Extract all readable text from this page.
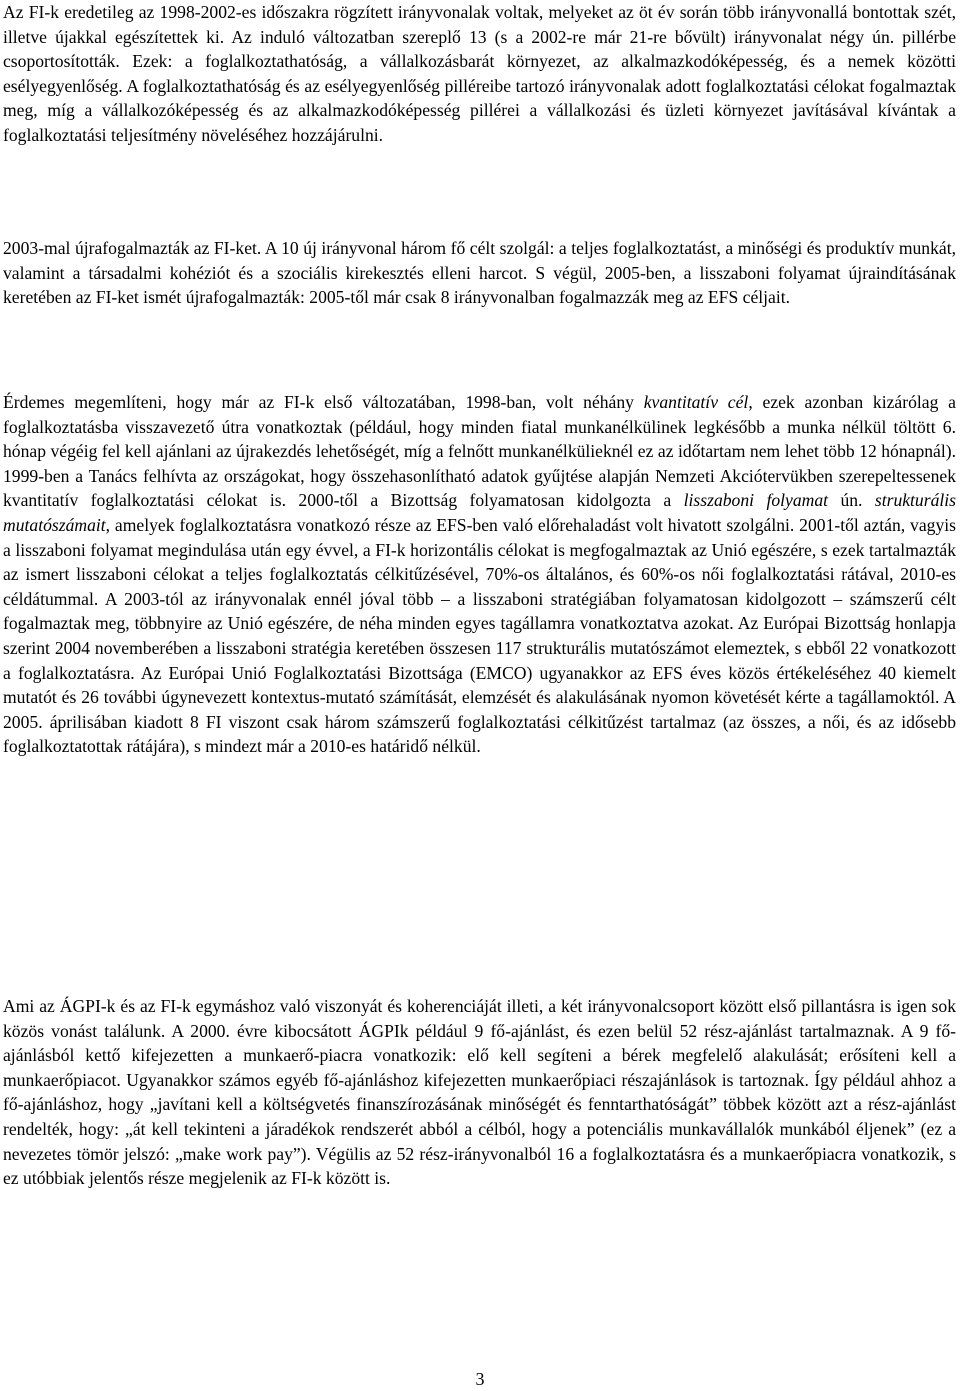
Az FI-k eredetileg az 1998-2002-es időszakra rögzített irányvonalak voltak, melyeket az öt év során több irányvonallá bontottak szét, illetve újakkal egészítettek ki. Az induló változatban szereplő 13 (s a 2002-re már 21-re bővült) irányvonalat négy ún. pillérbe csoportosították. Ezek: a foglalkoztathatóság, a vállalkozásbarát környezet, az alkalmazkodóképesség, és a nemek közötti esélyegyenlőség. A foglalkoztathatóság és az esélyegyenlőség pilléreibe tartozó irányvonalak adott foglalkoztatási célokat fogalmaztak meg, míg a vállalkozóképesség és az alkalmazkodóképesség pillérei a vállalkozási és üzleti környezet javításával kívántak a foglalkoztatási teljesítmény növeléséhez hozzájárulni.

2003-mal újrafogalmazták az FI-ket. A 10 új irányvonal három fő célt szolgál: a teljes foglalkoztatást, a minőségi és produktív munkát, valamint a társadalmi kohéziót és a szociális kirekesztés elleni harcot. S végül, 2005-ben, a lisszaboni folyamat újraindításának keretében az FI-ket ismét újrafogalmazták: 2005-től már csak 8 irányvonalban fogalmazzák meg az EFS céljait.

Érdemes megemlíteni, hogy már az FI-k első változatában, 1998-ban, volt néhány kvantitatív cél, ezek azonban kizárólag a foglalkoztatásba visszavezető útra vonatkoztak (például, hogy minden fiatal munkanélkülinek legkésőbb a munka nélkül töltött 6. hónap végéig fel kell ajánlani az újrakezdés lehetőségét, míg a felnőtt munkanélkülieknél ez az időtartam nem lehet több 12 hónapnál). 1999-ben a Tanács felhívta az országokat, hogy összehasonlítható adatok gyűjtése alapján Nemzeti Akciótervükben szerepeltessenek kvantitatív foglalkoztatási célokat is. 2000-től a Bizottság folyamatosan kidolgozta a lisszaboni folyamat ún. strukturális mutatószámait, amelyek foglalkoztatásra vonatkozó része az EFS-ben való előrehaladást volt hivatott szolgálni. 2001-től aztán, vagyis a lisszaboni folyamat megindulása után egy évvel, a FI-k horizontális célokat is megfogalmaztak az Unió egészére, s ezek tartalmazták az ismert lisszaboni célokat a teljes foglalkoztatás célkitűzésével, 70%-os általános, és 60%-os női foglalkoztatási rátával, 2010-es céldátummal. A 2003-tól az irányvonalak ennél jóval több – a lisszaboni stratégiában folyamatosan kidolgozott – számszerű célt fogalmaztak meg, többnyire az Unió egészére, de néha minden egyes tagállamra vonatkoztatva azokat. Az Európai Bizottság honlapja szerint 2004 novemberében a lisszaboni stratégia keretében összesen 117 strukturális mutatószámot elemeztek, s ebből 22 vonatkozott a foglalkoztatásra. Az Európai Unió Foglalkoztatási Bizottsága (EMCO) ugyanakkor az EFS éves közös értékeléséhez 40 kiemelt mutatót és 26 további úgynevezett kontextus-mutató számítását, elemzését és alakulásának nyomon követését kérte a tagállamoktól. A 2005. áprilisában kiadott 8 FI viszont csak három számszerű foglalkoztatási célkitűzést tartalmaz (az összes, a női, és az idősebb foglalkoztatottak rátájára), s mindezt már a 2010-es határidő nélkül.

Ami az ÁGPI-k és az FI-k egymáshoz való viszonyát és koherenciáját illeti, a két irányvonalcsoport között első pillantásra is igen sok közös vonást találunk. A 2000. évre kibocsátott ÁGPIk például 9 fő-ajánlást, és ezen belül 52 rész-ajánlást tartalmaznak. A 9 fő-ajánlásból kettő kifejezetten a munkaerő-piacra vonatkozik: elő kell segíteni a bérek megfelelő alakulását; erősíteni kell a munkaerőpiacot. Ugyanakkor számos egyéb fő-ajánláshoz kifejezetten munkaerőpiaci részajánlások is tartoznak. Így például ahhoz a fő-ajánláshoz, hogy „javítani kell a költségvetés finanszírozásának minőségét és fenntarthatóságát” többek között azt a rész-ajánlást rendelték, hogy: „át kell tekinteni a járadékok rendszerét abból a célból, hogy a potenciális munkavállalók munkából éljenek” (ez a nevezetes tömör jelszó: „make work pay”). Végülis az 52 rész-irányvonalból 16 a foglalkoztatásra és a munkaerőpiacra vonatkozik, s ez utóbbiak jelentős része megjelenik az FI-k között is.

3
